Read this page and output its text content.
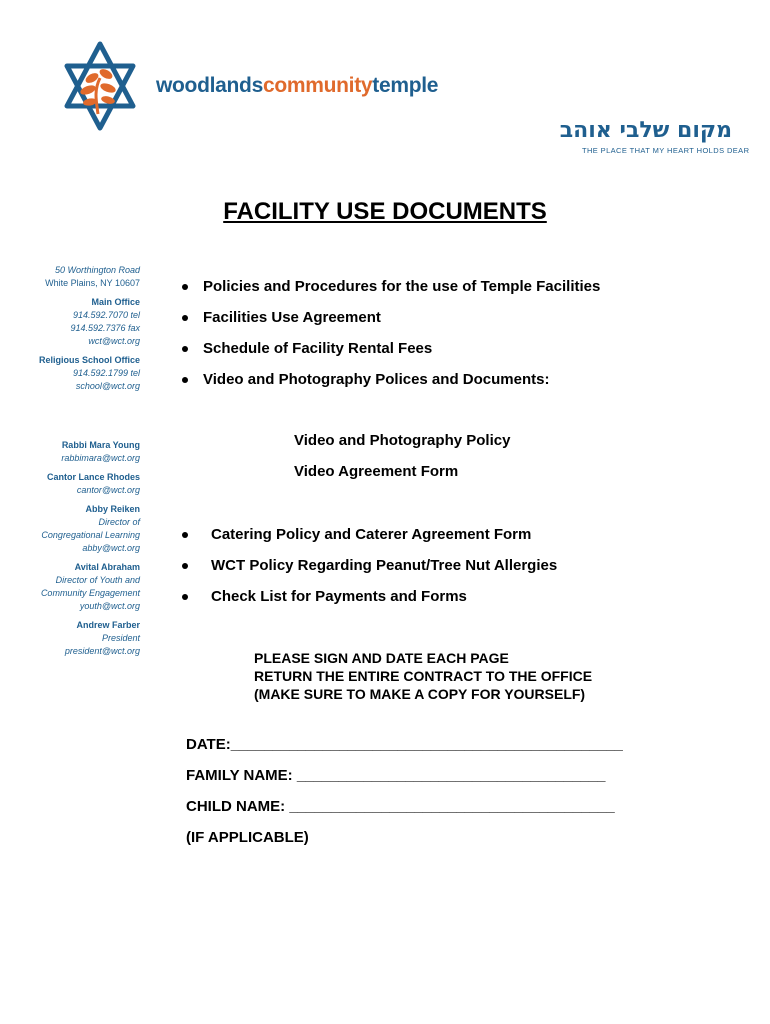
woodlandscommunitytemple
מקום שלבי אוהב
THE PLACE THAT MY HEART HOLDS DEAR
FACILITY USE DOCUMENTS
50 Worthington Road
White Plains, NY 10607
Main Office
914.592.7070 tel
914.592.7376 fax
wct@wct.org
Religious School Office
914.592.1799 tel
school@wct.org
Rabbi Mara Young
rabbimara@wct.org
Cantor Lance Rhodes
cantor@wct.org
Abby Reiken
Director of
Congregational Learning
abby@wct.org
Avital Abraham
Director of Youth and
Community Engagement
youth@wct.org
Andrew Farber
President
president@wct.org
Policies and Procedures for the use of Temple Facilities
Facilities Use Agreement
Schedule of Facility Rental Fees
Video and Photography Polices and Documents:
Video and Photography Policy
Video Agreement Form
Catering Policy and Caterer Agreement Form
WCT Policy Regarding Peanut/Tree Nut Allergies
Check List for Payments and Forms
PLEASE SIGN AND DATE EACH PAGE
RETURN THE ENTIRE CONTRACT TO THE OFFICE
(MAKE SURE TO MAKE A COPY FOR YOURSELF)
DATE:_______________________________________________
FAMILY NAME: _____________________________________
CHILD NAME: _______________________________________
(IF APPLICABLE)
